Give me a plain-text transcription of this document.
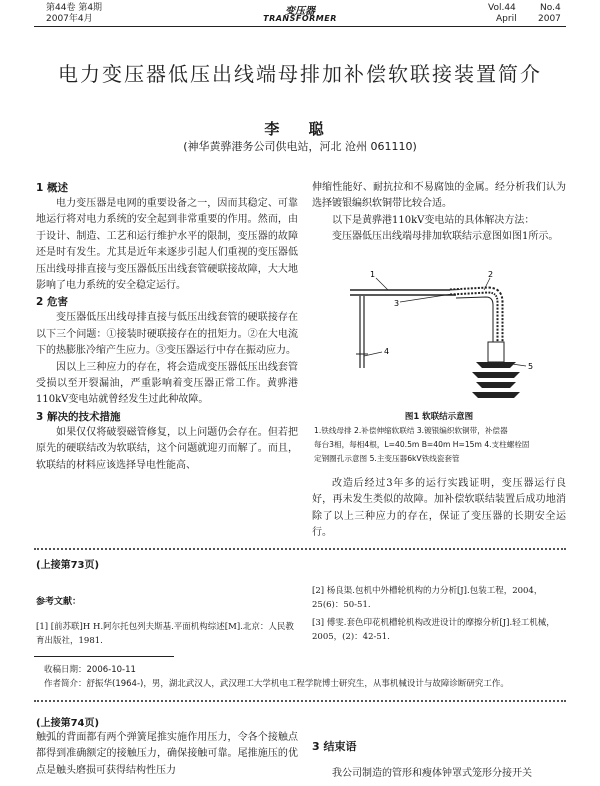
第44卷 第4期
2007年4月
变压器
TRANSFORMER
Vol.44	No.4
April 2007
电力变压器低压出线端母排加补偿软联接装置简介
李 聪
(神华黄骅港务公司供电站，河北 沧州 061110)
1 概述

电力变压器是电网的重要设备之一，因而其稳定、可靠地运行将对电力系统的安全起到非常重要的作用。然而，由于设计、制造、工艺和运行维护水平的限制，变压器的故障还是时有发生。尤其是近年来逐步引起人们重视的变压器低压出线母排直接与变压器低压出线套管硬联接故障，大大地影响了电力系统的安全稳定运行。

2 危害

变压器低压出线母排直接与低压出线套管的硬联接存在以下三个问题：①接装时硬联接存在的扭矩力。②在大电流下的热膨胀冷缩产生应力。③变压器运行中存在振动应力。

因以上三种应力的存在，将会造成变压器低压出线套管受损以至开裂漏油，严重影响着变压器正常工作。黄骅港110kV变电站就曾经发生过此种故障。

3 解决的技术措施

如果仅仅将破裂磁管修复，以上问题仍会存在。但若把原先的硬联结改为软联结，这个问题就迎刃而解了。而且，软联结的材料应该选择导电性能高、

伸缩性能好、耐抗拉和不易腐蚀的金属。经分析我们认为选择镀银编织软铜带比较合适。

以下是黄骅港110kV变电站的具体解决方法：

变压器低压出线端母排加软联结示意图如图1所示。

1	2
3
4
5
图1 软联结示意图
1.铁线母排 2.补偿伸缩软联结 3.镀银编织软铜带，补偿器
每台3相，每相4根，L=40.5m B=40m H=15m 4.支柱螺栓固
定钢圈孔示意图 5.主变压器6kV铁线瓷套管

改造后经过3年多的运行实践证明，变压器运行良好，再未发生类似的故障。加补偿软联结装置后成功地消除了以上三种应力的存在，保证了变压器的长期安全运行。

(上接第73页)
参考文献：
[1] [前苏联]H H.阿尔托包列夫斯基.平面机构综述[M].北京：人民教育出版社，1981.
[2] 杨良渠.包机中外槽轮机构的力分析[J].包装工程，2004，25(6)：50-51.
[3] 傅雯.套色印花机槽轮机构改进设计的摩擦分析[J].轻工机械，2005，(2)：42-51.
收稿日期：2006-10-11
作者简介：舒振华(1964-)，男，湖北武汉人，武汉理工大学机电工程学院博士研究生，从事机械设计与故障诊断研究工作。
(上接第74页)

触弧的背面都有两个弹簧尾推实施作用压力，令各个接触点都得到准确额定的接触压力，确保接触可靠。尾推施压的优点是触头磨损可获得结构性压力

3 结束语

我公司制造的管形和瘦体钟罩式笼形分接开关
